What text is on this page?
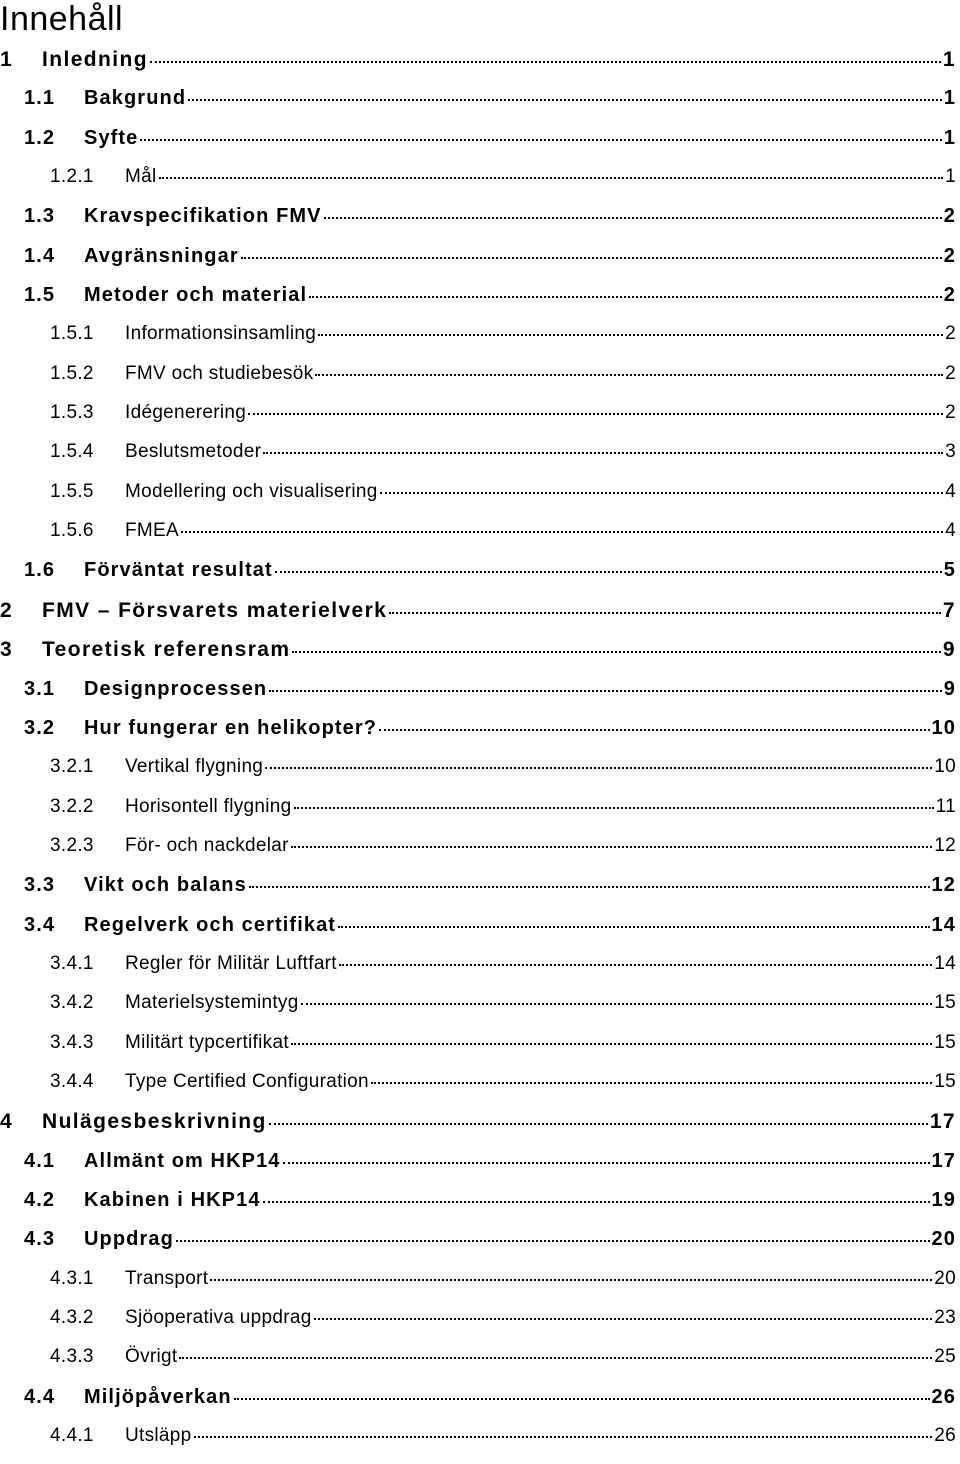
Innehåll
1	Inledning	1
1.1	Bakgrund	1
1.2	Syfte	1
1.2.1	Mål	1
1.3	Kravspecifikation FMV	2
1.4	Avgränsningar	2
1.5	Metoder och material	2
1.5.1	Informationsinsamling	2
1.5.2	FMV och studiebesök	2
1.5.3	Idégenerering	2
1.5.4	Beslutsmetoder	3
1.5.5	Modellering och visualisering	4
1.5.6	FMEA	4
1.6	Förväntat resultat	5
2	FMV – Försvarets materielverk	7
3	Teoretisk referensram	9
3.1	Designprocessen	9
3.2	Hur fungerar en helikopter?	10
3.2.1	Vertikal flygning	10
3.2.2	Horisontell flygning	11
3.2.3	För- och nackdelar	12
3.3	Vikt och balans	12
3.4	Regelverk och certifikat	14
3.4.1	Regler för Militär Luftfart	14
3.4.2	Materielsystemintyg	15
3.4.3	Militärt typcertifikat	15
3.4.4	Type Certified Configuration	15
4	Nulägesbeskrivning	17
4.1	Allmänt om HKP14	17
4.2	Kabinen i HKP14	19
4.3	Uppdrag	20
4.3.1	Transport	20
4.3.2	Sjöoperativa uppdrag	23
4.3.3	Övrigt	25
4.4	Miljöpåverkan	26
4.4.1	Utsläpp	26
